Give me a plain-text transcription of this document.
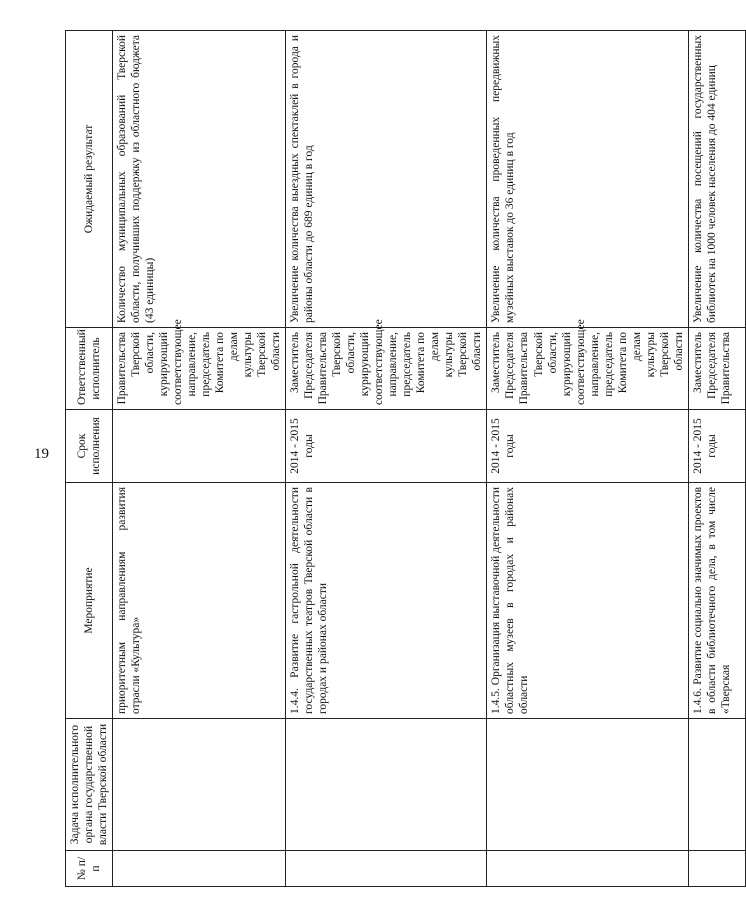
19
№ п/п	Задача исполнительного органа государственной власти Тверской области	Мероприятие	Срок исполнения	Ответственный исполнитель	Ожидаемый результат
		приоритетным направлениям развития отрасли «Культура»		Правительства Тверской области, курирующий соответствующее направление, председатель Комитета по делам культуры Тверской области	Количество муниципальных образований Тверской области, получивших поддержку из областного бюджета (43 единицы)
		1.4.4. Развитие гастрольной деятельности государственных театров Тверской области в городах и районах области	2014 - 2015 годы	Заместитель Председателя Правительства Тверской области, курирующий соответствующее направление, председатель Комитета по делам культуры Тверской области	Увеличение количества выездных спектаклей в города и районы области до 689 единиц в год
		1.4.5. Организация выставочной деятельности областных музеев в городах и районах области	2014 - 2015 годы	Заместитель Председателя Правительства Тверской области, курирующий соответствующее направление, председатель Комитета по делам культуры Тверской области	Увеличение количества проведенных передвижных музейных выставок до 36 единиц в год
		1.4.6. Развитие социально значимых проектов в области библиотечного дела, в том числе «Тверская	2014 - 2015 годы	Заместитель Председателя Правительства	Увеличение количества посещений государственных библиотек на 1000 человек населения до 404 единиц
